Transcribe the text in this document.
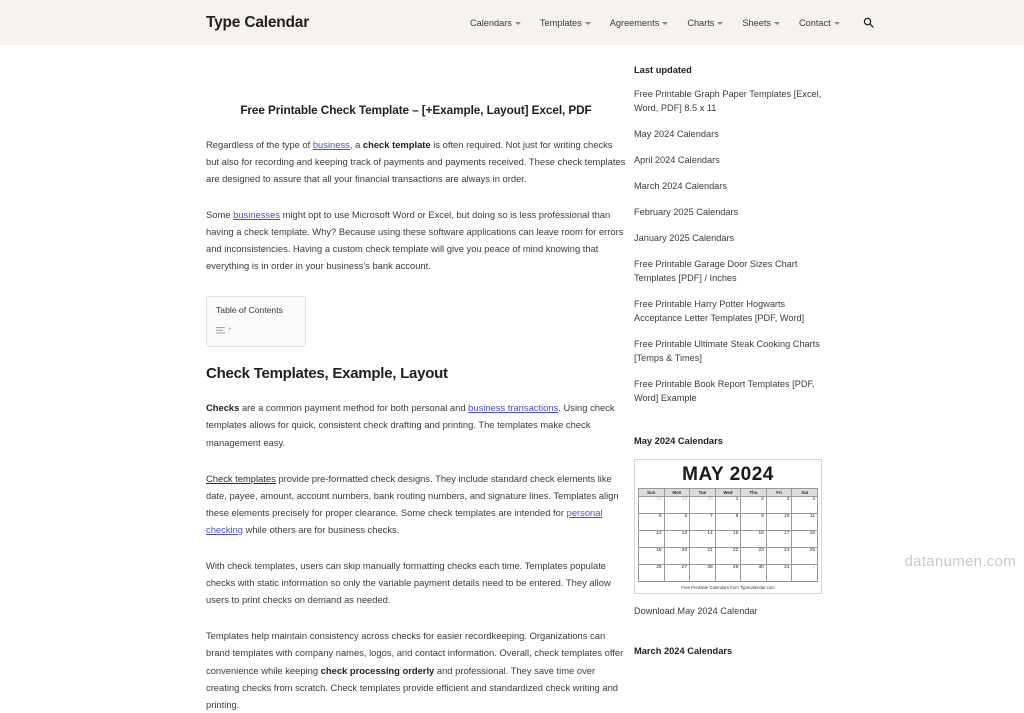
Type Calendar	Calendars	Templates	Agreements	Charts	Sheets	Contact
Free Printable Check Template – [+Example, Layout] Excel, PDF

Regardless of the type of business, a check template is often required. Not just for writing checks but also for recording and keeping track of payments and payments received. These check templates are designed to assure that all your financial transactions are always in order.

Some businesses might opt to use Microsoft Word or Excel, but doing so is less professional than having a check template. Why? Because using these software applications can leave room for errors and inconsistencies. Having a custom check template will give you peace of mind knowing that everything is in order in your business's bank account.

Table of Contents
+
Check Templates, Example, Layout

Checks are a common payment method for both personal and business transactions. Using check templates allows for quick, consistent check drafting and printing. The templates make check management easy.

Check templates provide pre-formatted check designs. They include standard check elements like date, payee, amount, account numbers, bank routing numbers, and signature lines. Templates align these elements precisely for proper clearance. Some check templates are intended for personal checking while others are for business checks.

With check templates, users can skip manually formatting checks each time. Templates populate checks with static information so only the variable payment details need to be entered. They allow users to print checks on demand as needed.

Templates help maintain consistency across checks for easier recordkeeping. Organizations can brand templates with company names, logos, and contact information. Overall, check templates offer convenience while keeping check processing orderly and professional. They save time over creating checks from scratch. Check templates provide efficient and standardized check writing and printing.

Last updated
Free Printable Graph Paper Templates [Excel, Word, PDF] 8.5 x 11
May 2024 Calendars
April 2024 Calendars
March 2024 Calendars
February 2025 Calendars
January 2025 Calendars
Free Printable Garage Door Sizes Chart Templates [PDF] / Inches
Free Printable Harry Potter Hogwarts Acceptance Letter Templates [PDF, Word]
Free Printable Ultimate Steak Cooking Charts [Temps & Times]
Free Printable Book Report Templates [PDF, Word] Example
May 2024 Calendars
MAY 2024
Sun	Mon	Tue	Wed	Thu	Fri	Sat
28	29	30	1	2	3	4
5	6	7	8	9	10	11
12	13	14	15	16	17	18
19	20	21	22	23	24	25
26	27	28	29	30	31	1
Free Printable Calendars from Typecalendar.com
Download May 2024 Calendar
March 2024 Calendars
datanumen.com
